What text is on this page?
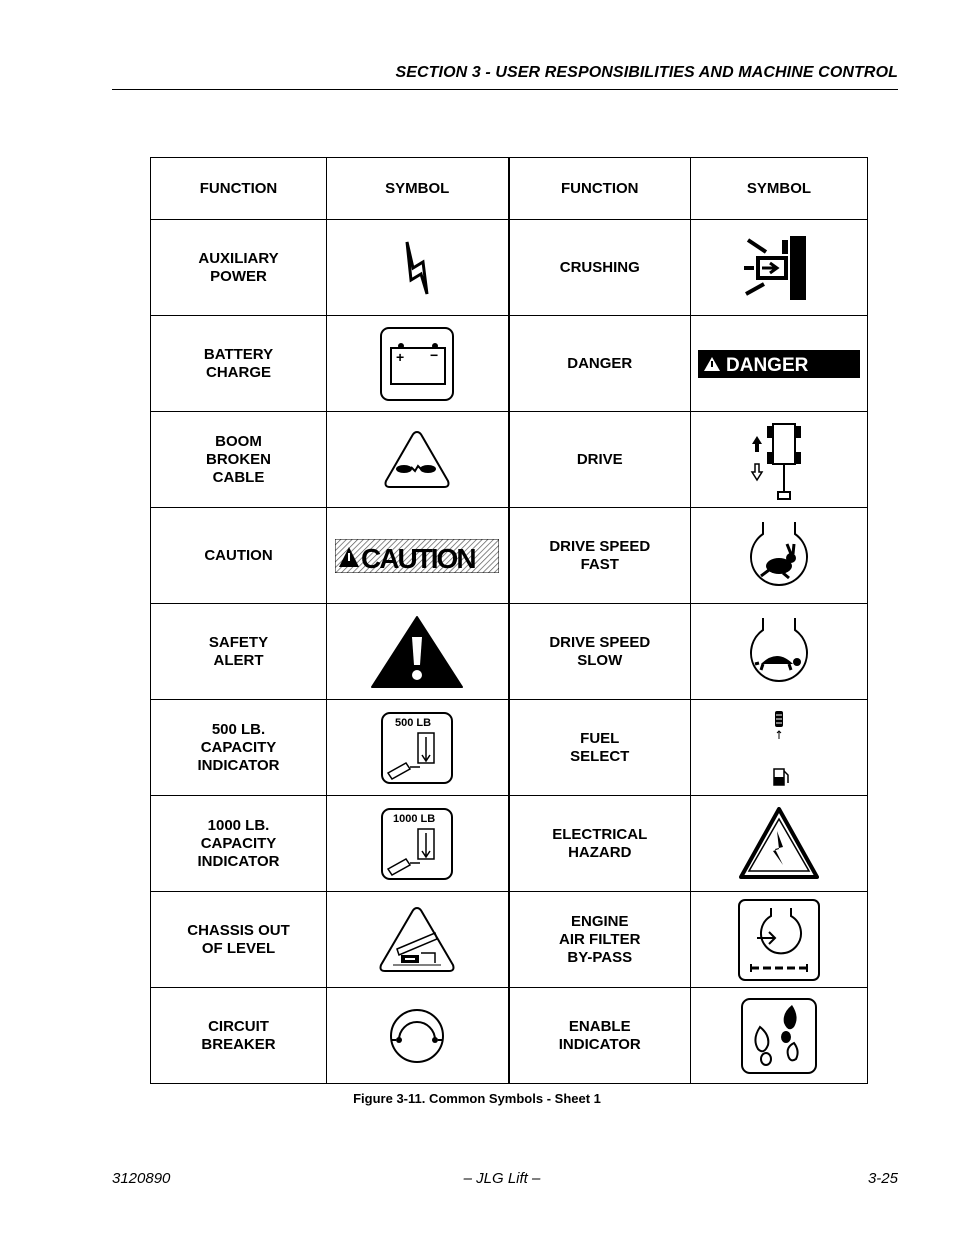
SECTION 3 - USER RESPONSIBILITIES AND MACHINE CONTROL
FUNCTION	SYMBOL	FUNCTION	SYMBOL
AUXILIARY
POWER		CRUSHING	

BATTERY
CHARGE	+ −	DANGER	DANGER

BOOM
BROKEN
CABLE		DRIVE	

CAUTION	CAUTION	DRIVE SPEED
FAST	

SAFETY
ALERT		DRIVE SPEED
SLOW	

500 LB.
CAPACITY
INDICATOR	500 LB	FUEL
SELECT	

1000 LB.
CAPACITY
INDICATOR	1000 LB	ELECTRICAL
HAZARD	

CHASSIS OUT
OF LEVEL		ENGINE
AIR FILTER
BY-PASS	

CIRCUIT
BREAKER		ENABLE
INDICATOR	
Figure 3-11. Common Symbols - Sheet 1
3120890	– JLG Lift –	3-25
